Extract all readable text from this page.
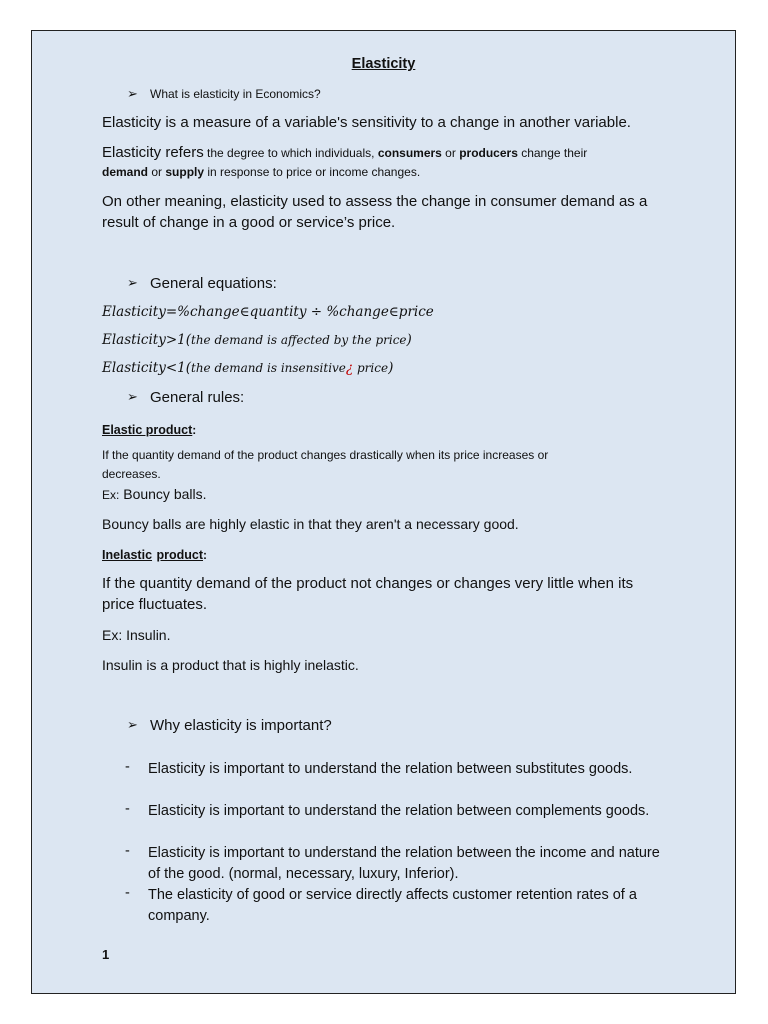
Elasticity
➢ What is elasticity in Economics?
Elasticity is a measure of a variable's sensitivity to a change in another variable.
Elasticity refers the degree to which individuals, consumers or producers change their
demand or supply in response to price or income changes.
On other meaning, elasticity used to assess the change in consumer demand as a
result of change in a good or service’s price.
➢ General equations:
Elasticity=%change∈quantity ÷ %change∈price
Elasticity>1(the demand is affected by the price)
Elasticity<1(the demand is insensitive¿ price)
➢ General rules:
Elastic product:
If the quantity demand of the product changes drastically when its price increases or
decreases.
Ex: Bouncy balls.
Bouncy balls are highly elastic in that they aren't a necessary good.
Inelastic product:
If the quantity demand of the product not changes or changes very little when its
price fluctuates.
Ex: Insulin.
Insulin is a product that is highly inelastic.
➢ Why elasticity is important?
- Elasticity is important to understand the relation between substitutes goods.
- Elasticity is important to understand the relation between complements goods.
- Elasticity is important to understand the relation between the income and nature of the good. (normal, necessary, luxury, Inferior).
- The elasticity of good or service directly affects customer retention rates of a company.
1
